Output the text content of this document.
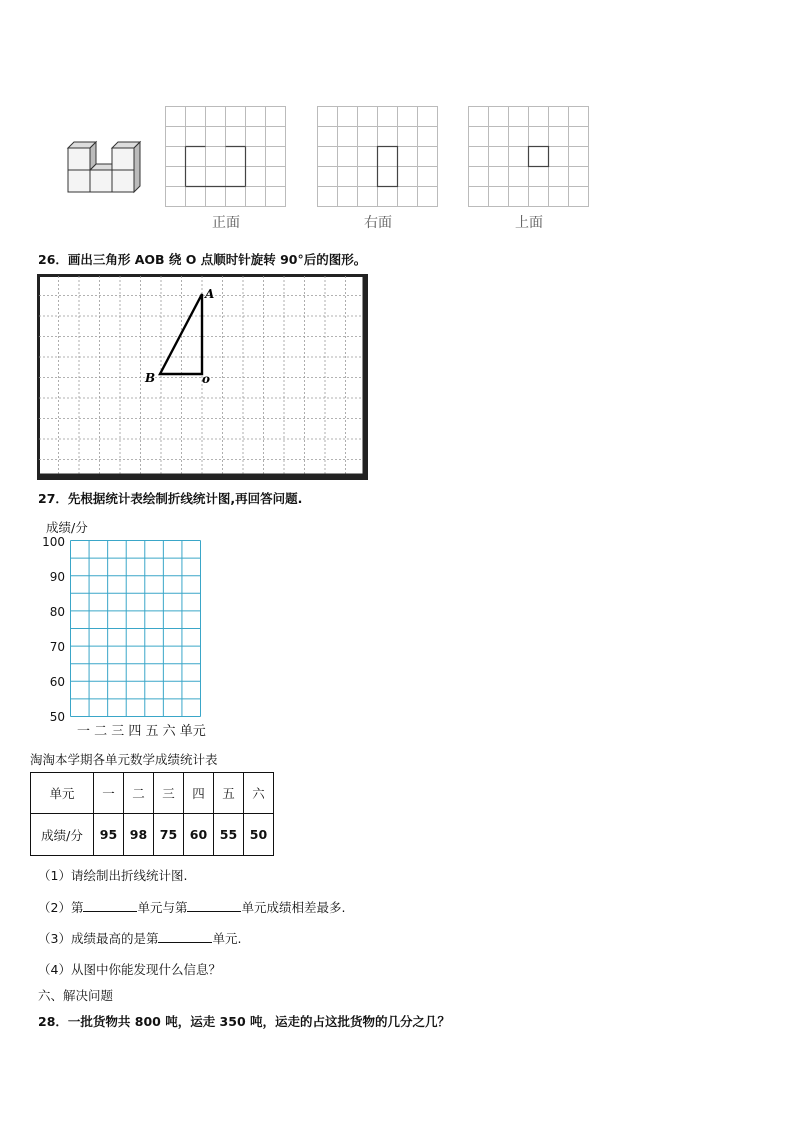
正面	右面	上面
26．画出三角形 AOB 绕 O 点顺时针旋转 90°后的图形。
A
B	o
27．先根据统计表绘制折线统计图,再回答问题.
成绩/分
100
90
80
70
60
50
一 二 三 四 五 六 单元
淘淘本学期各单元数学成绩统计表
单元	一	二	三	四	五	六
成绩/分	95	98	75	60	55	50
（1）请绘制出折线统计图.
（2）第	单元与第	单元成绩相差最多.
（3）成绩最高的是第	单元.
（4）从图中你能发现什么信息？
六、解决问题
28．一批货物共 800 吨，运走 350 吨，运走的占这批货物的几分之几？
